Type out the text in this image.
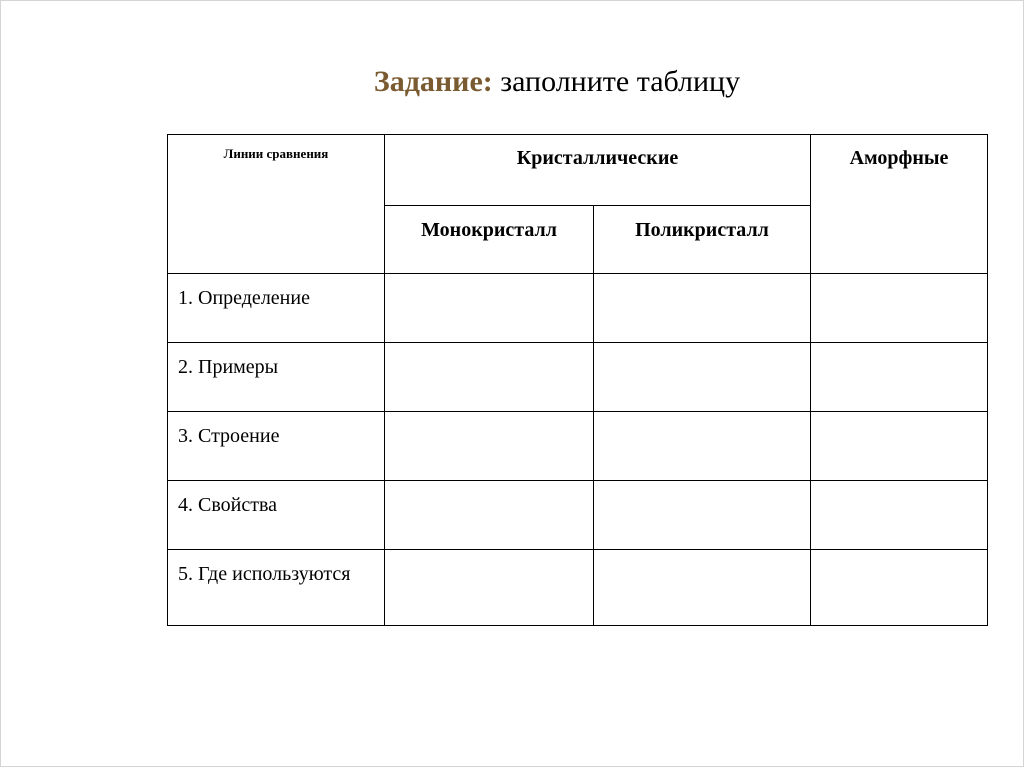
Задание: заполните таблицу
Линии сравнения	Кристаллические		Аморфные

	Монокристалл	Поликристалл	

1. Определение			

2. Примеры			

3. Строение			

4. Свойства			

5. Где используются			
